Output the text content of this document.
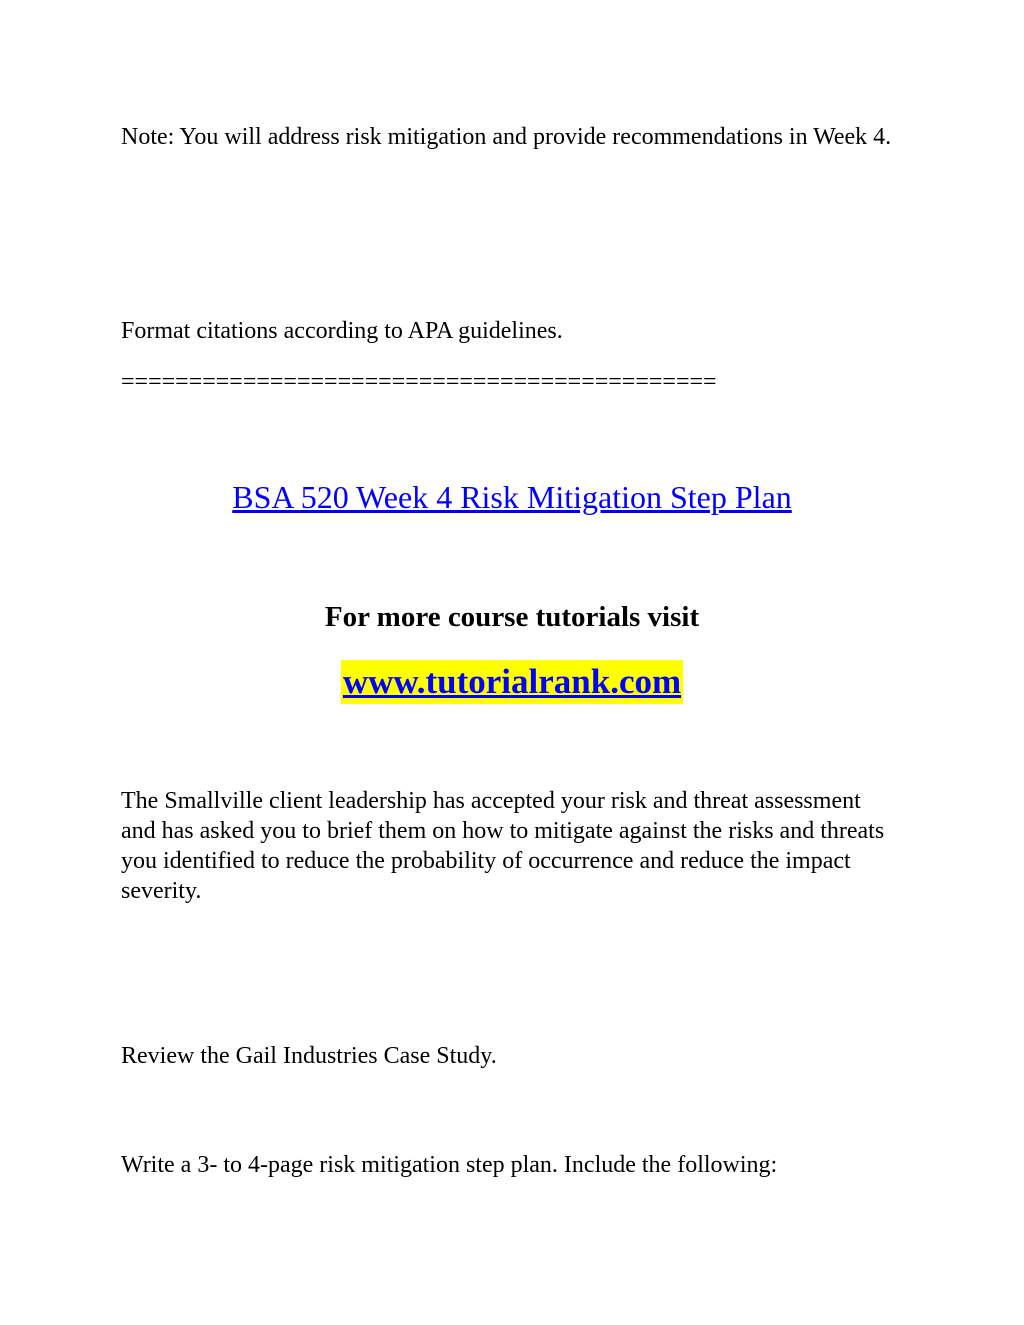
Note: You will address risk mitigation and provide recommendations in Week 4.

Format citations according to APA guidelines.

============================================

BSA 520 Week 4 Risk Mitigation Step Plan

For more course tutorials visit

www.tutorialrank.com

The Smallville client leadership has accepted your risk and threat assessment and has asked you to brief them on how to mitigate against the risks and threats you identified to reduce the probability of occurrence and reduce the impact severity.

Review the Gail Industries Case Study.

Write a 3- to 4-page risk mitigation step plan. Include the following:
